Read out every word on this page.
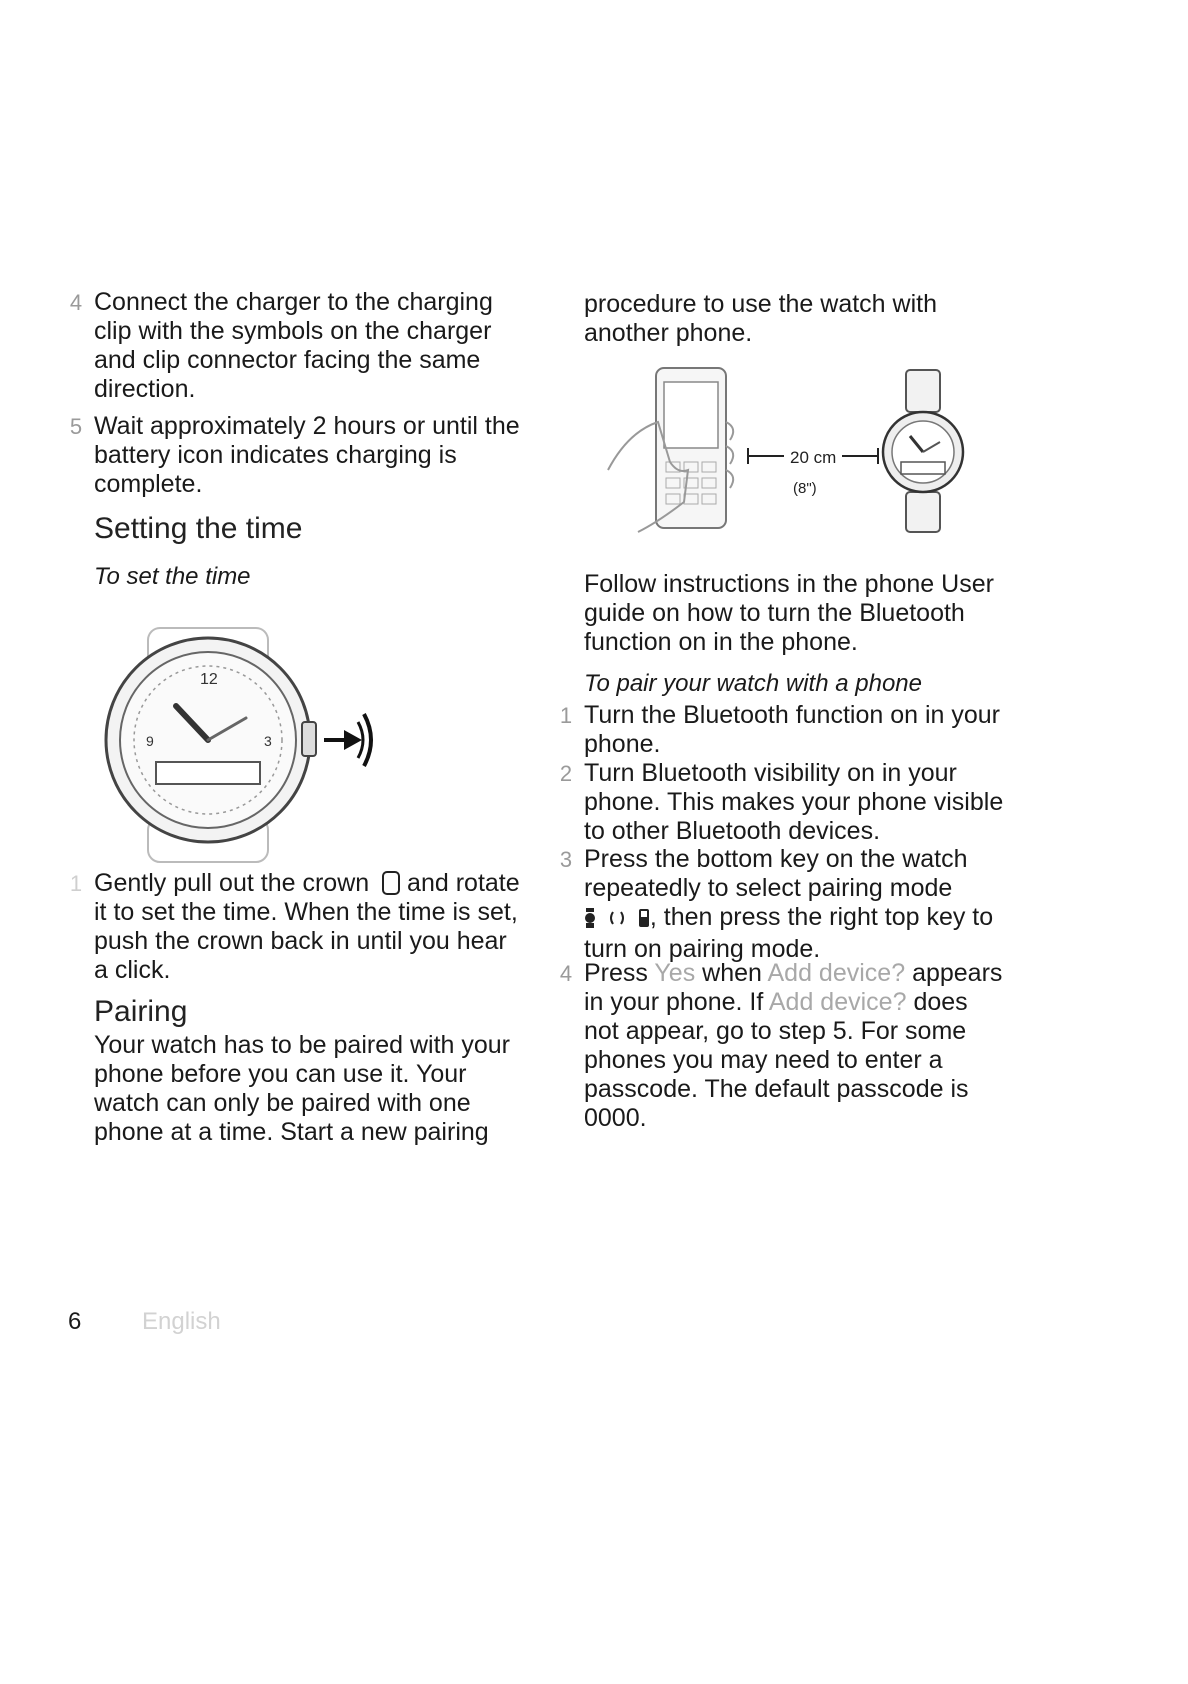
4 Connect the charger to the charging clip with the symbols on the charger and clip connector facing the same direction.
5 Wait approximately 2 hours or until the battery icon indicates charging is complete.
Setting the time
To set the time
12
9	3
1 Gently pull out the crown  and rotate it to set the time. When the time is set, push the crown back in until you hear a click.
Pairing
Your watch has to be paired with your phone before you can use it. Your watch can only be paired with one phone at a time. Start a new pairing
procedure to use the watch with another phone.
20 cm
(8")
Follow instructions in the phone User guide on how to turn the Bluetooth function on in the phone.
To pair your watch with a phone
1 Turn the Bluetooth function on in your phone.
2 Turn Bluetooth visibility on in your phone. This makes your phone visible to other Bluetooth devices.
3 Press the bottom key on the watch repeatedly to select pairing mode
, then press the right top key to turn on pairing mode.
4 Press Yes when Add device? appears in your phone. If Add device? does not appear, go to step 5. For some phones you may need to enter a passcode. The default passcode is 0000.
6	English
